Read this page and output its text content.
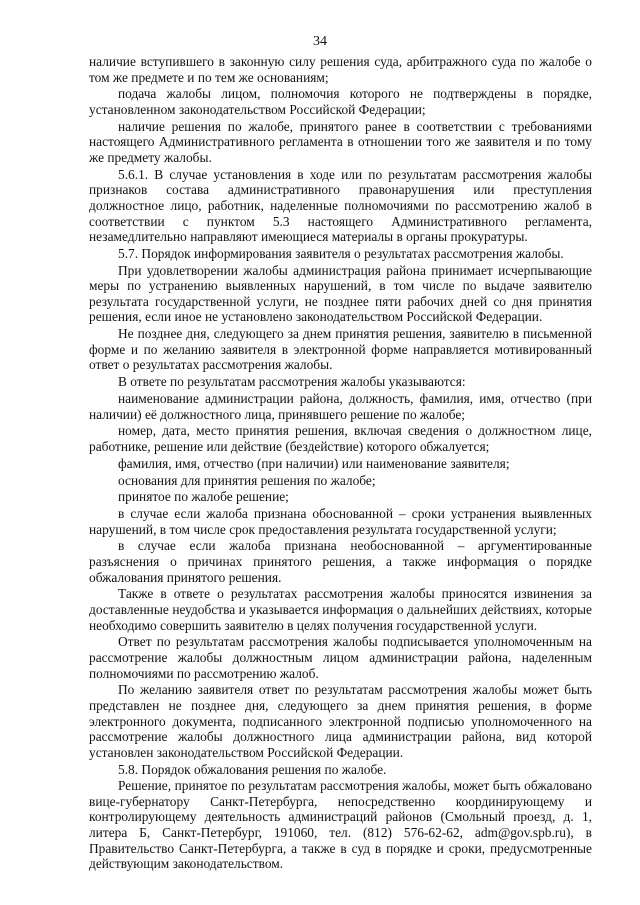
34

наличие вступившего в законную силу решения суда, арбитражного суда по жалобе о том же предмете и по тем же основаниям;

подача жалобы лицом, полномочия которого не подтверждены в порядке, установленном законодательством Российской Федерации;

наличие решения по жалобе, принятого ранее в соответствии с требованиями настоящего Административного регламента в отношении того же заявителя и по тому же предмету жалобы.

5.6.1. В случае установления в ходе или по результатам рассмотрения жалобы признаков состава административного правонарушения или преступления должностное лицо, работник, наделенные полномочиями по рассмотрению жалоб в соответствии с пунктом 5.3 настоящего Административного регламента, незамедлительно направляют имеющиеся материалы в органы прокуратуры.

5.7. Порядок информирования заявителя о результатах рассмотрения жалобы.

При удовлетворении жалобы администрация района принимает исчерпывающие меры по устранению выявленных нарушений, в том числе по выдаче заявителю результата государственной услуги, не позднее пяти рабочих дней со дня принятия решения, если иное не установлено законодательством Российской Федерации.

Не позднее дня, следующего за днем принятия решения, заявителю в письменной форме и по желанию заявителя в электронной форме направляется мотивированный ответ о результатах рассмотрения жалобы.

В ответе по результатам рассмотрения жалобы указываются:

наименование администрации района, должность, фамилия, имя, отчество (при наличии) её должностного лица, принявшего решение по жалобе;

номер, дата, место принятия решения, включая сведения о должностном лице, работнике, решение или действие (бездействие) которого обжалуется;

фамилия, имя, отчество (при наличии) или наименование заявителя;

основания для принятия решения по жалобе;

принятое по жалобе решение;

в случае если жалоба признана обоснованной – сроки устранения выявленных нарушений, в том числе срок предоставления результата государственной услуги;

в случае если жалоба признана необоснованной – аргументированные разъяснения о причинах принятого решения, а также информация о порядке обжалования принятого решения.

Также в ответе о результатах рассмотрения жалобы приносятся извинения за доставленные неудобства и указывается информация о дальнейших действиях, которые необходимо совершить заявителю в целях получения государственной услуги.

Ответ по результатам рассмотрения жалобы подписывается уполномоченным на рассмотрение жалобы должностным лицом администрации района, наделенным полномочиями по рассмотрению жалоб.

По желанию заявителя ответ по результатам рассмотрения жалобы может быть представлен не позднее дня, следующего за днем принятия решения, в форме электронного документа, подписанного электронной подписью уполномоченного на рассмотрение жалобы должностного лица администрации района, вид которой установлен законодательством Российской Федерации.

5.8. Порядок обжалования решения по жалобе.

Решение, принятое по результатам рассмотрения жалобы, может быть обжаловано вице-губернатору Санкт-Петербурга, непосредственно координирующему и контролирующему деятельность администраций районов (Смольный проезд, д. 1, литера Б, Санкт-Петербург, 191060, тел. (812) 576-62-62, adm@gov.spb.ru), в Правительство Санкт-Петербурга, а также в суд в порядке и сроки, предусмотренные действующим законодательством.
